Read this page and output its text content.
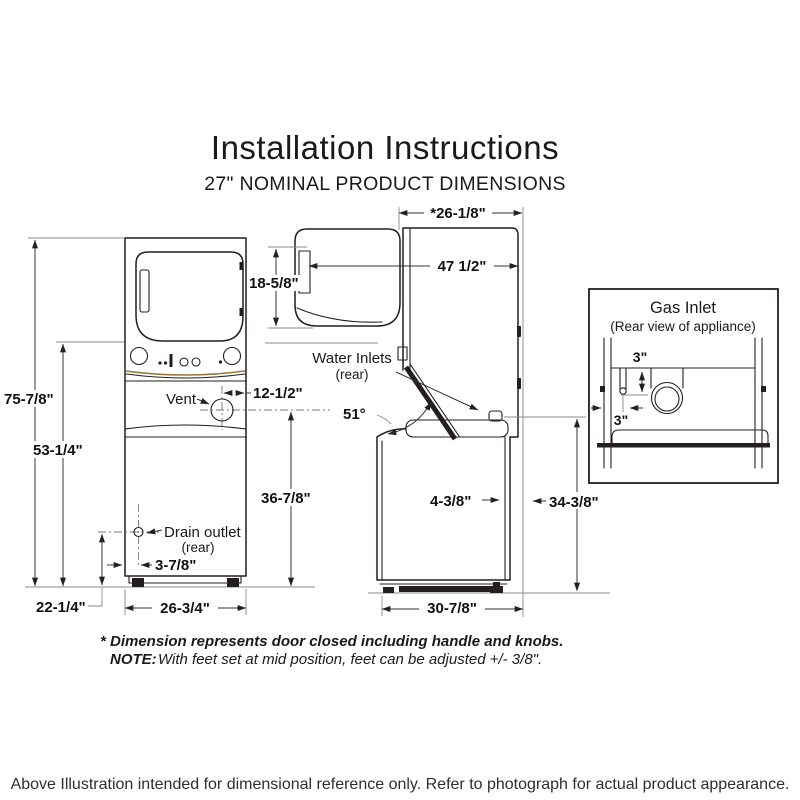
Installation Instructions
27" NOMINAL PRODUCT DIMENSIONS
Vent
Drain outlet
(rear)
75-7/8"
53-1/4"
12-1/2"
36-7/8"
3-7/8"
22-1/4"	26-3/4"
51°
Water Inlets
(rear)
*26-1/8"
47 1/2"
18-5/8"
4-3/8"	34-3/8"
30-7/8"
Gas Inlet
(Rear view of appliance)
3"
3"
* Dimension represents door closed including handle and knobs.
NOTE: With feet set at mid position, feet can be adjusted +/- 3/8".
Above Illustration intended for dimensional reference only. Refer to photograph for actual product appearance.
